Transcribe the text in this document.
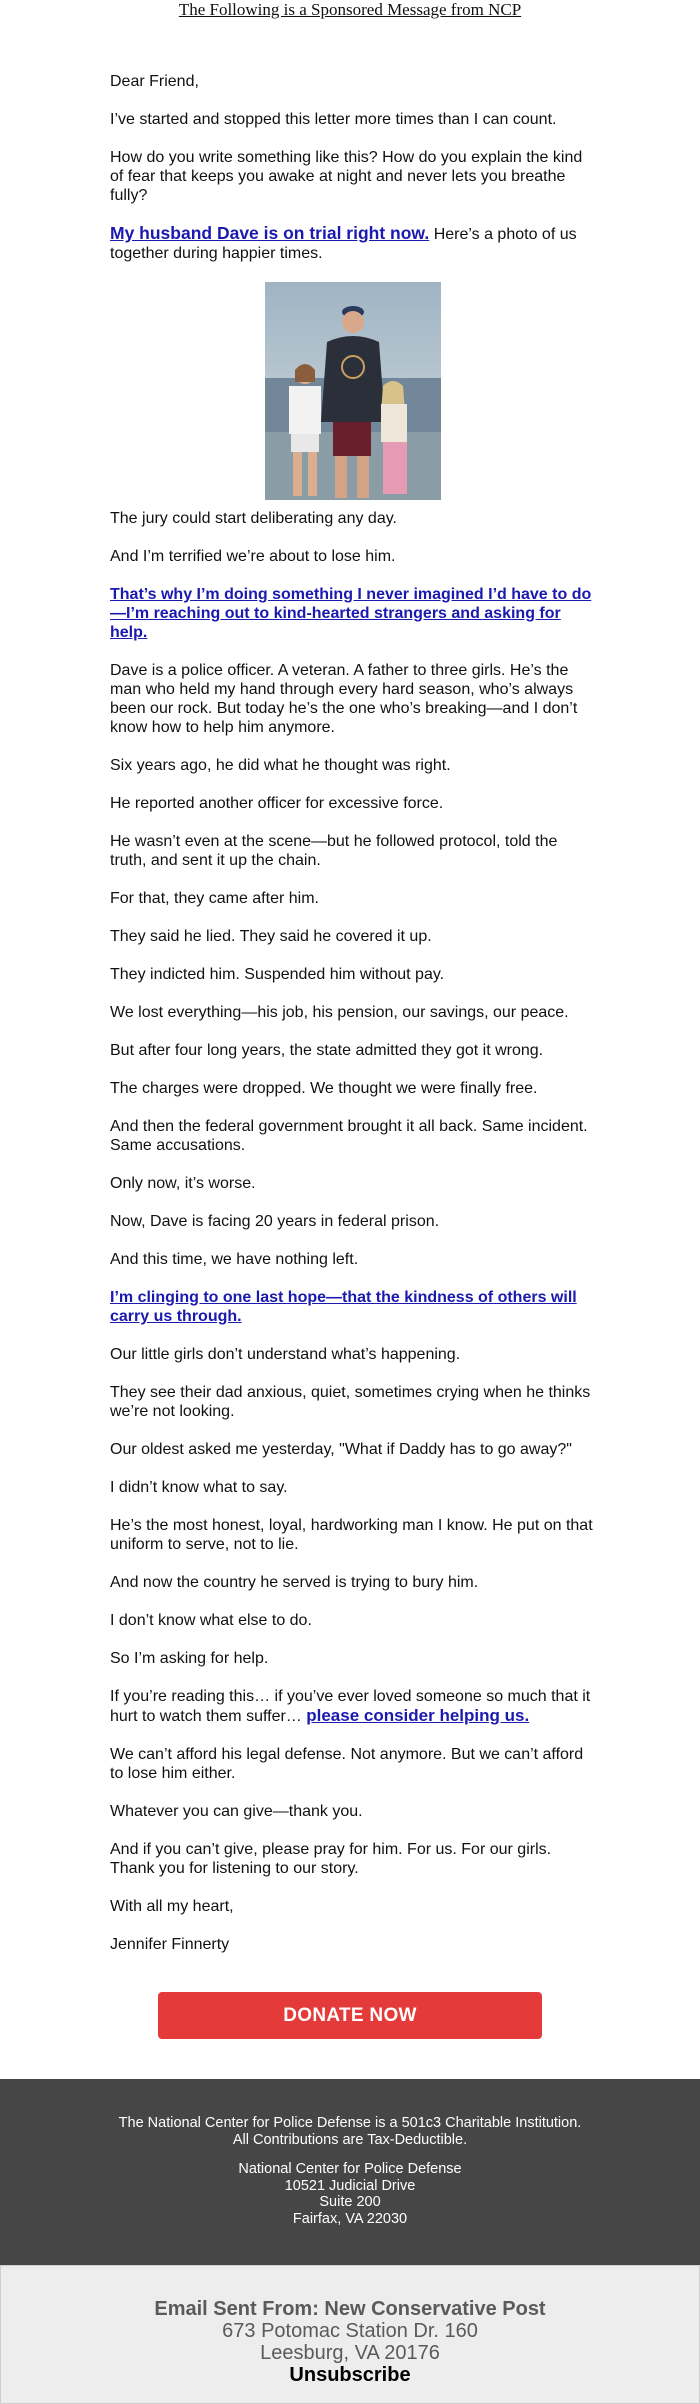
The Following is a Sponsored Message from NCP

Dear Friend,

I’ve started and stopped this letter more times than I can count.

How do you write something like this? How do you explain the kind of fear that keeps you awake at night and never lets you breathe fully?

My husband Dave is on trial right now. Here’s a photo of us together during happier times.

The jury could start deliberating any day.

And I’m terrified we’re about to lose him.

That’s why I’m doing something I never imagined I’d have to do—I’m reaching out to kind-hearted strangers and asking for help.

Dave is a police officer. A veteran. A father to three girls. He’s the man who held my hand through every hard season, who’s always been our rock. But today he’s the one who’s breaking—and I don’t know how to help him anymore.

Six years ago, he did what he thought was right.

He reported another officer for excessive force.

He wasn’t even at the scene—but he followed protocol, told the truth, and sent it up the chain.

For that, they came after him.

They said he lied. They said he covered it up.

They indicted him. Suspended him without pay.

We lost everything—his job, his pension, our savings, our peace.

But after four long years, the state admitted they got it wrong.

The charges were dropped. We thought we were finally free.

And then the federal government brought it all back. Same incident. Same accusations.

Only now, it’s worse.

Now, Dave is facing 20 years in federal prison.

And this time, we have nothing left.

I’m clinging to one last hope—that the kindness of others will carry us through.

Our little girls don’t understand what’s happening.

They see their dad anxious, quiet, sometimes crying when he thinks we’re not looking.

Our oldest asked me yesterday, "What if Daddy has to go away?"

I didn’t know what to say.

He’s the most honest, loyal, hardworking man I know. He put on that uniform to serve, not to lie.

And now the country he served is trying to bury him.

I don’t know what else to do.

So I’m asking for help.

If you’re reading this… if you’ve ever loved someone so much that it hurt to watch them suffer… please consider helping us.

We can’t afford his legal defense. Not anymore. But we can’t afford to lose him either.

Whatever you can give—thank you.

And if you can’t give, please pray for him. For us. For our girls. Thank you for listening to our story.

With all my heart,

Jennifer Finnerty

DONATE NOW
The National Center for Police Defense is a 501c3 Charitable Institution. All Contributions are Tax-Deductible.
National Center for Police Defense
10521 Judicial Drive
Suite 200
Fairfax, VA 22030
Email Sent From: New Conservative Post
673 Potomac Station Dr. 160
Leesburg, VA 20176
Unsubscribe
